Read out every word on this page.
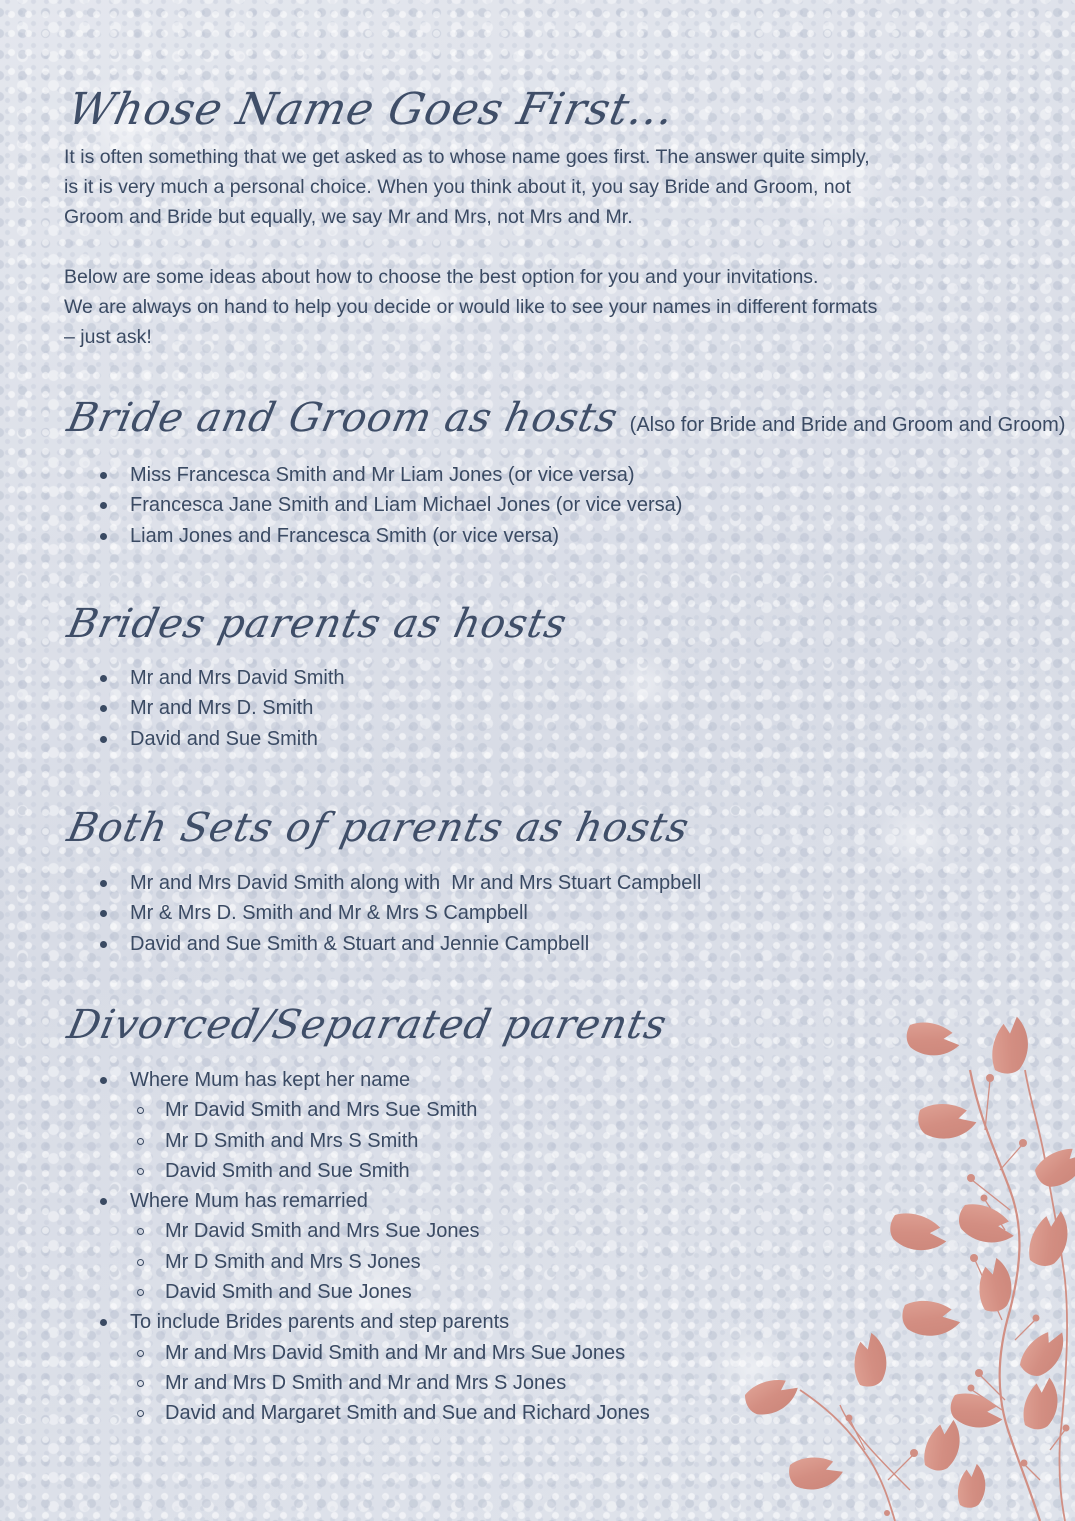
Whose Name Goes First...
It is often something that we get asked as to whose name goes first. The answer quite simply,
is it is very much a personal choice. When you think about it, you say Bride and Groom, not
Groom and Bride but equally, we say Mr and Mrs, not Mrs and Mr.
Below are some ideas about how to choose the best option for you and your invitations.
We are always on hand to help you decide or would like to see your names in different formats
– just ask!
Bride and Groom as hosts (Also for Bride and Bride and Groom and Groom)
Miss Francesca Smith and Mr Liam Jones (or vice versa)
Francesca Jane Smith and Liam Michael Jones (or vice versa)
Liam Jones and Francesca Smith (or vice versa)
Brides parents as hosts
Mr and Mrs David Smith
Mr and Mrs D. Smith
David and Sue Smith
Both Sets of parents as hosts
Mr and Mrs David Smith along with  Mr and Mrs Stuart Campbell
Mr & Mrs D. Smith and Mr & Mrs S Campbell
David and Sue Smith & Stuart and Jennie Campbell
Divorced/Separated parents
Where Mum has kept her name
Mr David Smith and Mrs Sue Smith
Mr D Smith and Mrs S Smith
David Smith and Sue Smith
Where Mum has remarried
Mr David Smith and Mrs Sue Jones
Mr D Smith and Mrs S Jones
David Smith and Sue Jones
To include Brides parents and step parents
Mr and Mrs David Smith and Mr and Mrs Sue Jones
Mr and Mrs D Smith and Mr and Mrs S Jones
David and Margaret Smith and Sue and Richard Jones
